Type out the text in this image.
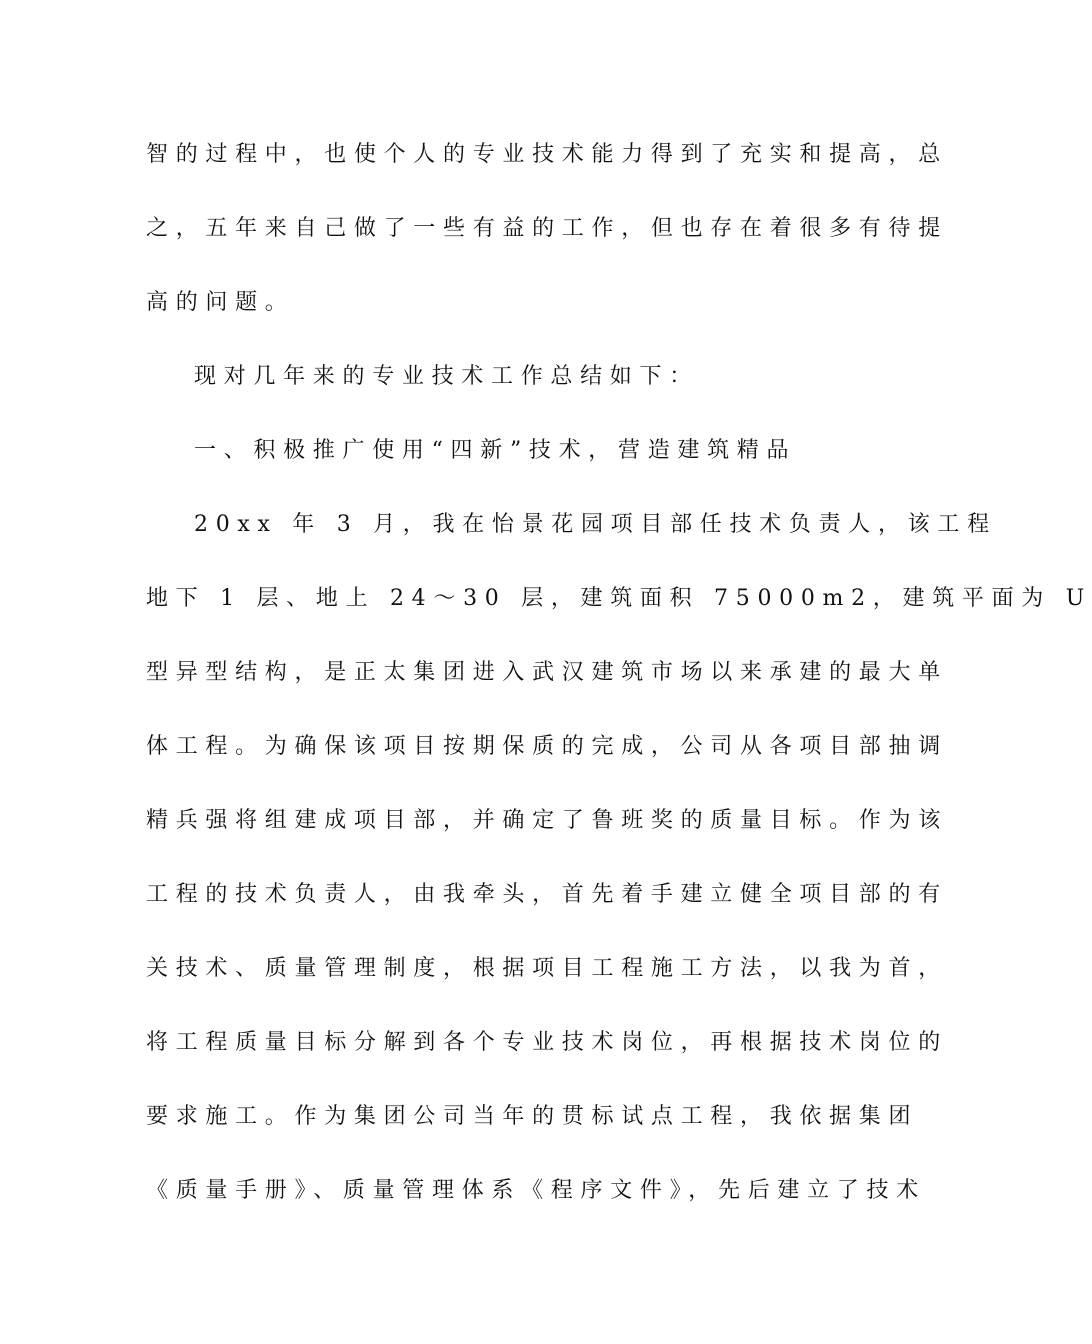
智的过程中，也使个人的专业技术能力得到了充实和提高，总
之，五年来自己做了一些有益的工作，但也存在着很多有待提
高的问题。
现对几年来的专业技术工作总结如下：
一、积极推广使用“四新”技术，营造建筑精品
20xx 年 3 月，我在怡景花园项目部任技术负责人，该工程
地下 1 层、地上 24～30 层，建筑面积 75000m2，建筑平面为 U
型异型结构，是正太集团进入武汉建筑市场以来承建的最大单
体工程。为确保该项目按期保质的完成，公司从各项目部抽调
精兵强将组建成项目部，并确定了鲁班奖的质量目标。作为该
工程的技术负责人，由我牵头，首先着手建立健全项目部的有
关技术、质量管理制度，根据项目工程施工方法，以我为首，
将工程质量目标分解到各个专业技术岗位，再根据技术岗位的
要求施工。作为集团公司当年的贯标试点工程，我依据集团
《质量手册》、质量管理体系《程序文件》，先后建立了技术
